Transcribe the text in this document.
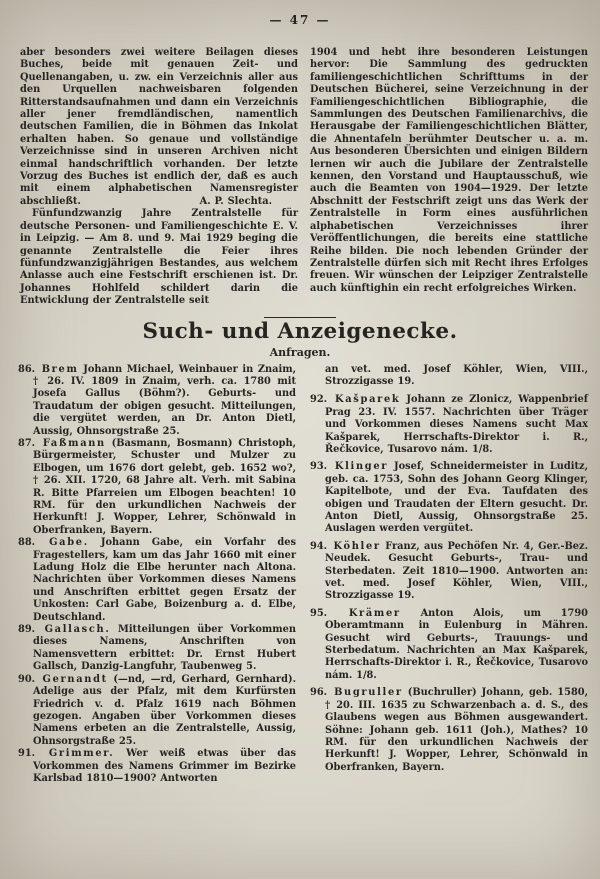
— 47 —

aber besonders zwei weitere Beilagen dieses Buches, beide mit genauen Zeit- und Quellenangaben, u. zw. ein Verzeichnis aller aus den Urquellen nachweisbaren folgenden Ritterstandsaufnahmen und dann ein Verzeichnis aller jener fremdländischen, namentlich deutschen Familien, die in Böhmen das Inkolat erhalten haben. So genaue und vollständige Verzeichnisse sind in unseren Archiven nicht einmal handschriftlich vorhanden. Der letzte Vorzug des Buches ist endlich der, daß es auch mit einem alphabetischen Namensregister abschließt.	A. P. Slechta.

Fünfundzwanzig Jahre Zentralstelle für deutsche Personen- und Familiengeschichte E. V. in Leipzig. — Am 8. und 9. Mai 1929 beging die genannte Zentralstelle die Feier ihres fünfundzwanzigjährigen Bestandes, aus welchem Anlasse auch eine Festschrift erschienen ist. Dr. Johannes Hohlfeld schildert darin die Entwicklung der Zentralstelle seit

1904 und hebt ihre besonderen Leistungen hervor: Die Sammlung des gedruckten familiengeschichtlichen Schrifttums in der Deutschen Bücherei, seine Verzeichnung in der Familiengeschichtlichen Bibliographie, die Sammlungen des Deutschen Familienarchivs, die Herausgabe der Familiengeschichtlichen Blätter, die Ahnentafeln berühmter Deutscher u. a. m. Aus besonderen Übersichten und einigen Bildern lernen wir auch die Jubilare der Zentralstelle kennen, den Vorstand und Hauptausschuß, wie auch die Beamten von 1904—1929. Der letzte Abschnitt der Festschrift zeigt uns das Werk der Zentralstelle in Form eines ausführlichen alphabetischen Verzeichnisses ihrer Veröffentlichungen, die bereits eine stattliche Reihe bilden. Die noch lebenden Gründer der Zentralstelle dürfen sich mit Recht ihres Erfolges freuen. Wir wünschen der Leipziger Zentralstelle auch künftighin ein recht erfolgreiches Wirken.

Such- und Anzeigenecke.
Anfragen.
86. Brem Johann Michael, Weinbauer in Znaim, † 26. IV. 1809 in Znaim, verh. ca. 1780 mit Josefa Gallus (Böhm?). Geburts- und Traudatum der obigen gesucht. Mitteilungen, die vergütet werden, an Dr. Anton Dietl, Aussig, Ohnsorgstraße 25.
87. Faßmann (Basmann, Bosmann) Christoph, Bürgermeister, Schuster und Mulzer zu Elbogen, um 1676 dort gelebt, geb. 1652 wo?, † 26. XII. 1720, 68 Jahre alt. Verh. mit Sabina R. Bitte Pfarreien um Elbogen beachten! 10 RM. für den urkundlichen Nachweis der Herkunft! J. Wopper, Lehrer, Schönwald in Oberfranken, Bayern.
88. Gabe. Johann Gabe, ein Vorfahr des Fragestellers, kam um das Jahr 1660 mit einer Ladung Holz die Elbe herunter nach Altona. Nachrichten über Vorkommen dieses Namens und Anschriften erbittet gegen Ersatz der Unkosten: Carl Gabe, Boizenburg a. d. Elbe, Deutschland.
89. Gallasch. Mitteilungen über Vorkommen dieses Namens, Anschriften von Namensvettern erbittet: Dr. Ernst Hubert Gallsch, Danzig-Langfuhr, Taubenweg 5.
90. Gernandt (—nd, —rd, Gerhard, Gernhard). Adelige aus der Pfalz, mit dem Kurfürsten Friedrich v. d. Pfalz 1619 nach Böhmen gezogen. Angaben über Vorkommen dieses Namens erbeten an die Zentralstelle, Aussig, Ohnsorgstraße 25.
91. Grimmer. Wer weiß etwas über das Vorkommen des Namens Grimmer im Bezirke Karlsbad 1810—1900? Antworten
an vet. med. Josef Köhler, Wien, VIII., Strozzigasse 19.
92. Kašparek Johann ze Zlonicz, Wappenbrief Prag 23. IV. 1557. Nachrichten über Träger und Vorkommen dieses Namens sucht Max Kašparek, Herrschafts-Direktor i. R., Řečkovice, Tusarovo nám. 1/8.
93. Klinger Josef, Schneidermeister in Luditz, geb. ca. 1753, Sohn des Johann Georg Klinger, Kapitelbote, und der Eva. Taufdaten des obigen und Traudaten der Eltern gesucht. Dr. Anton Dietl, Aussig, Ohnsorgstraße 25. Auslagen werden vergütet.
94. Köhler Franz, aus Pechöfen Nr. 4, Ger.-Bez. Neudek. Gesucht Geburts-, Trau- und Sterbedaten. Zeit 1810—1900. Antworten an: vet. med. Josef Köhler, Wien, VIII., Strozzigasse 19.
95. Krämer Anton Alois, um 1790 Oberamtmann in Eulenburg in Mähren. Gesucht wird Geburts-, Trauungs- und Sterbedatum. Nachrichten an Max Kašparek, Herrschafts-Direktor i. R., Řečkovice, Tusarovo nám. 1/8.
96. Bugruller (Buchruller) Johann, geb. 1580, † 20. III. 1635 zu Schwarzenbach a. d. S., des Glaubens wegen aus Böhmen ausgewandert. Söhne: Johann geb. 1611 (Joh.), Mathes? 10 RM. für den urkundlichen Nachweis der Herkunft! J. Wopper, Lehrer, Schönwald in Oberfranken, Bayern.
